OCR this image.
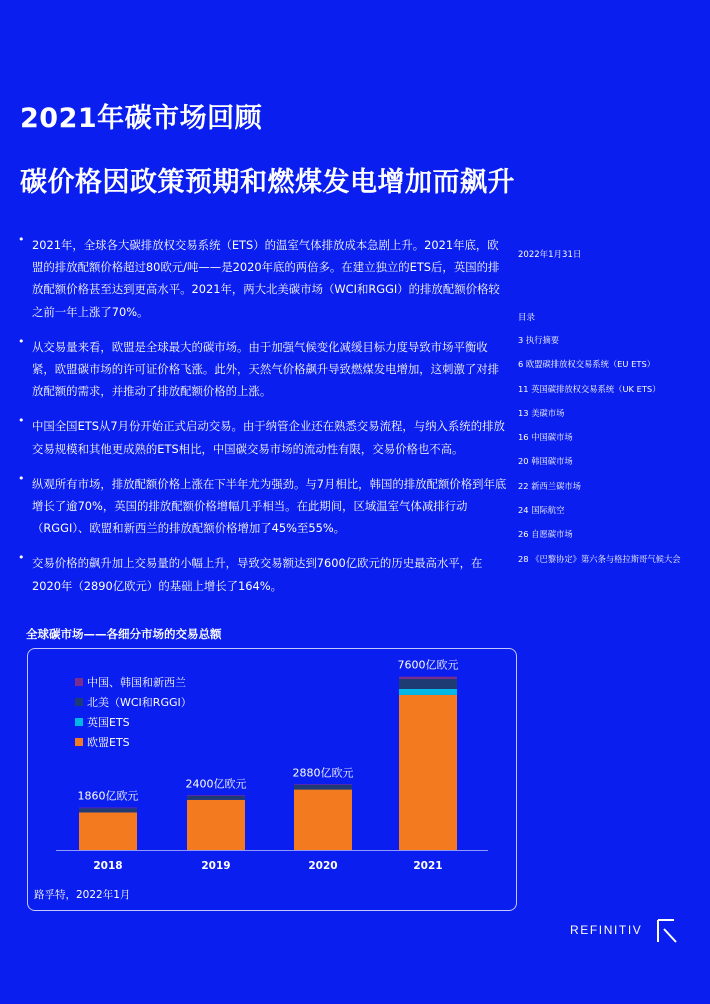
2021年碳市场回顾
碳价格因政策预期和燃煤发电增加而飙升
• 2021年，全球各大碳排放权交易系统（ETS）的温室气体排放成本急剧上升。2021年底，欧盟的排放配额价格超过80欧元/吨——是2020年底的两倍多。在建立独立的ETS后，英国的排放配额价格甚至达到更高水平。2021年，两大北美碳市场（WCI和RGGI）的排放配额价格较之前一年上涨了70%。
• 从交易量来看，欧盟是全球最大的碳市场。由于加强气候变化减缓目标力度导致市场平衡收紧，欧盟碳市场的许可证价格飞涨。此外，天然气价格飙升导致燃煤发电增加，这刺激了对排放配额的需求，并推动了排放配额价格的上涨。
• 中国全国ETS从7月份开始正式启动交易。由于纳管企业还在熟悉交易流程，与纳入系统的排放交易规模和其他更成熟的ETS相比，中国碳交易市场的流动性有限，交易价格也不高。
• 纵观所有市场，排放配额价格上涨在下半年尤为强劲。与7月相比，韩国的排放配额价格到年底增长了逾70%，英国的排放配额价格增幅几乎相当。在此期间，区域温室气体减排行动（RGGI）、欧盟和新西兰的排放配额价格增加了45%至55%。
• 交易价格的飙升加上交易量的小幅上升，导致交易额达到7600亿欧元的历史最高水平，在2020年（2890亿欧元）的基础上增长了164%。
2022年1月31日
目录
3 执行摘要
6 欧盟碳排放权交易系统（EU ETS）
11 英国碳排放权交易系统（UK ETS）
13 美碳市场
16 中国碳市场
20 韩国碳市场
22 新西兰碳市场
24 国际航空
26 自愿碳市场
28 《巴黎协定》第六条与格拉斯哥气候大会
全球碳市场——各细分市场的交易总额
1860亿欧元
2018
2400亿欧元
2019
2880亿欧元
2020
7600亿欧元
2021
中国、韩国和新西兰
北美（WCI和RGGI）
英国ETS
欧盟ETS
路孚特，2022年1月
REFINITIV
